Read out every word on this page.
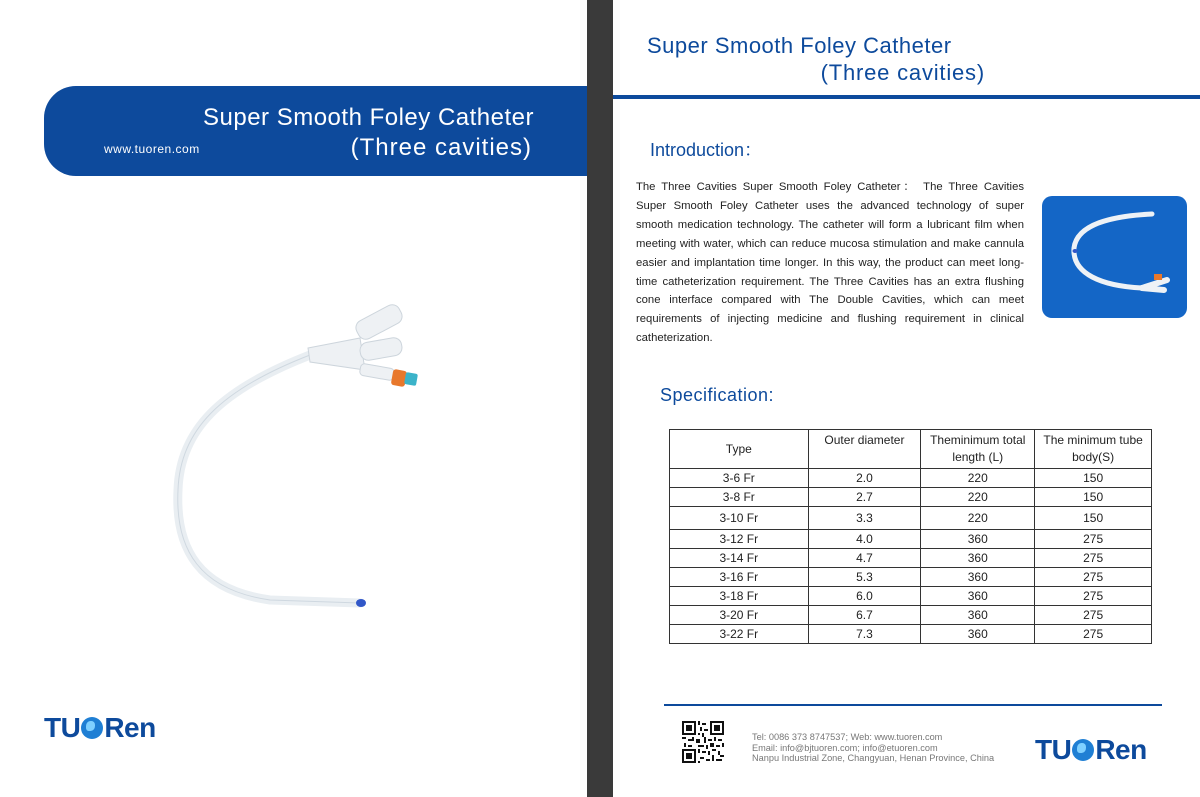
www.tuoren.com
Super Smooth Foley Catheter
(Three cavities)
TU Ren
Super Smooth Foley Catheter
(Three cavities)
Introduction：
The Three Cavities Super Smooth Foley Catheter： The Three Cavities Super Smooth Foley Catheter uses the advanced technology of super smooth medication technology. The catheter will form a lubricant film when meeting with water, which can reduce mucosa stimulation and make cannula easier and implantation time longer. In this way, the product can meet long-time catheterization requirement. The Three Cavities has an extra flushing cone interface compared with The Double Cavities, which can meet requirements of injecting medicine and flushing requirement in clinical catheterization.
Specification:
Type	Outer diameter	Theminimum total length (L)	The minimum tube body(S)
3-6 Fr	2.0	220	150
3-8 Fr	2.7	220	150
3-10 Fr	3.3	220	150
3-12 Fr	4.0	360	275
3-14 Fr	4.7	360	275
3-16 Fr	5.3	360	275
3-18 Fr	6.0	360	275
3-20 Fr	6.7	360	275
3-22 Fr	7.3	360	275
Tel: 0086 373 8747537; Web: www.tuoren.com
Email: info@bjtuoren.com; info@etuoren.com
Nanpu Industrial Zone, Changyuan, Henan Province, China TU Ren
